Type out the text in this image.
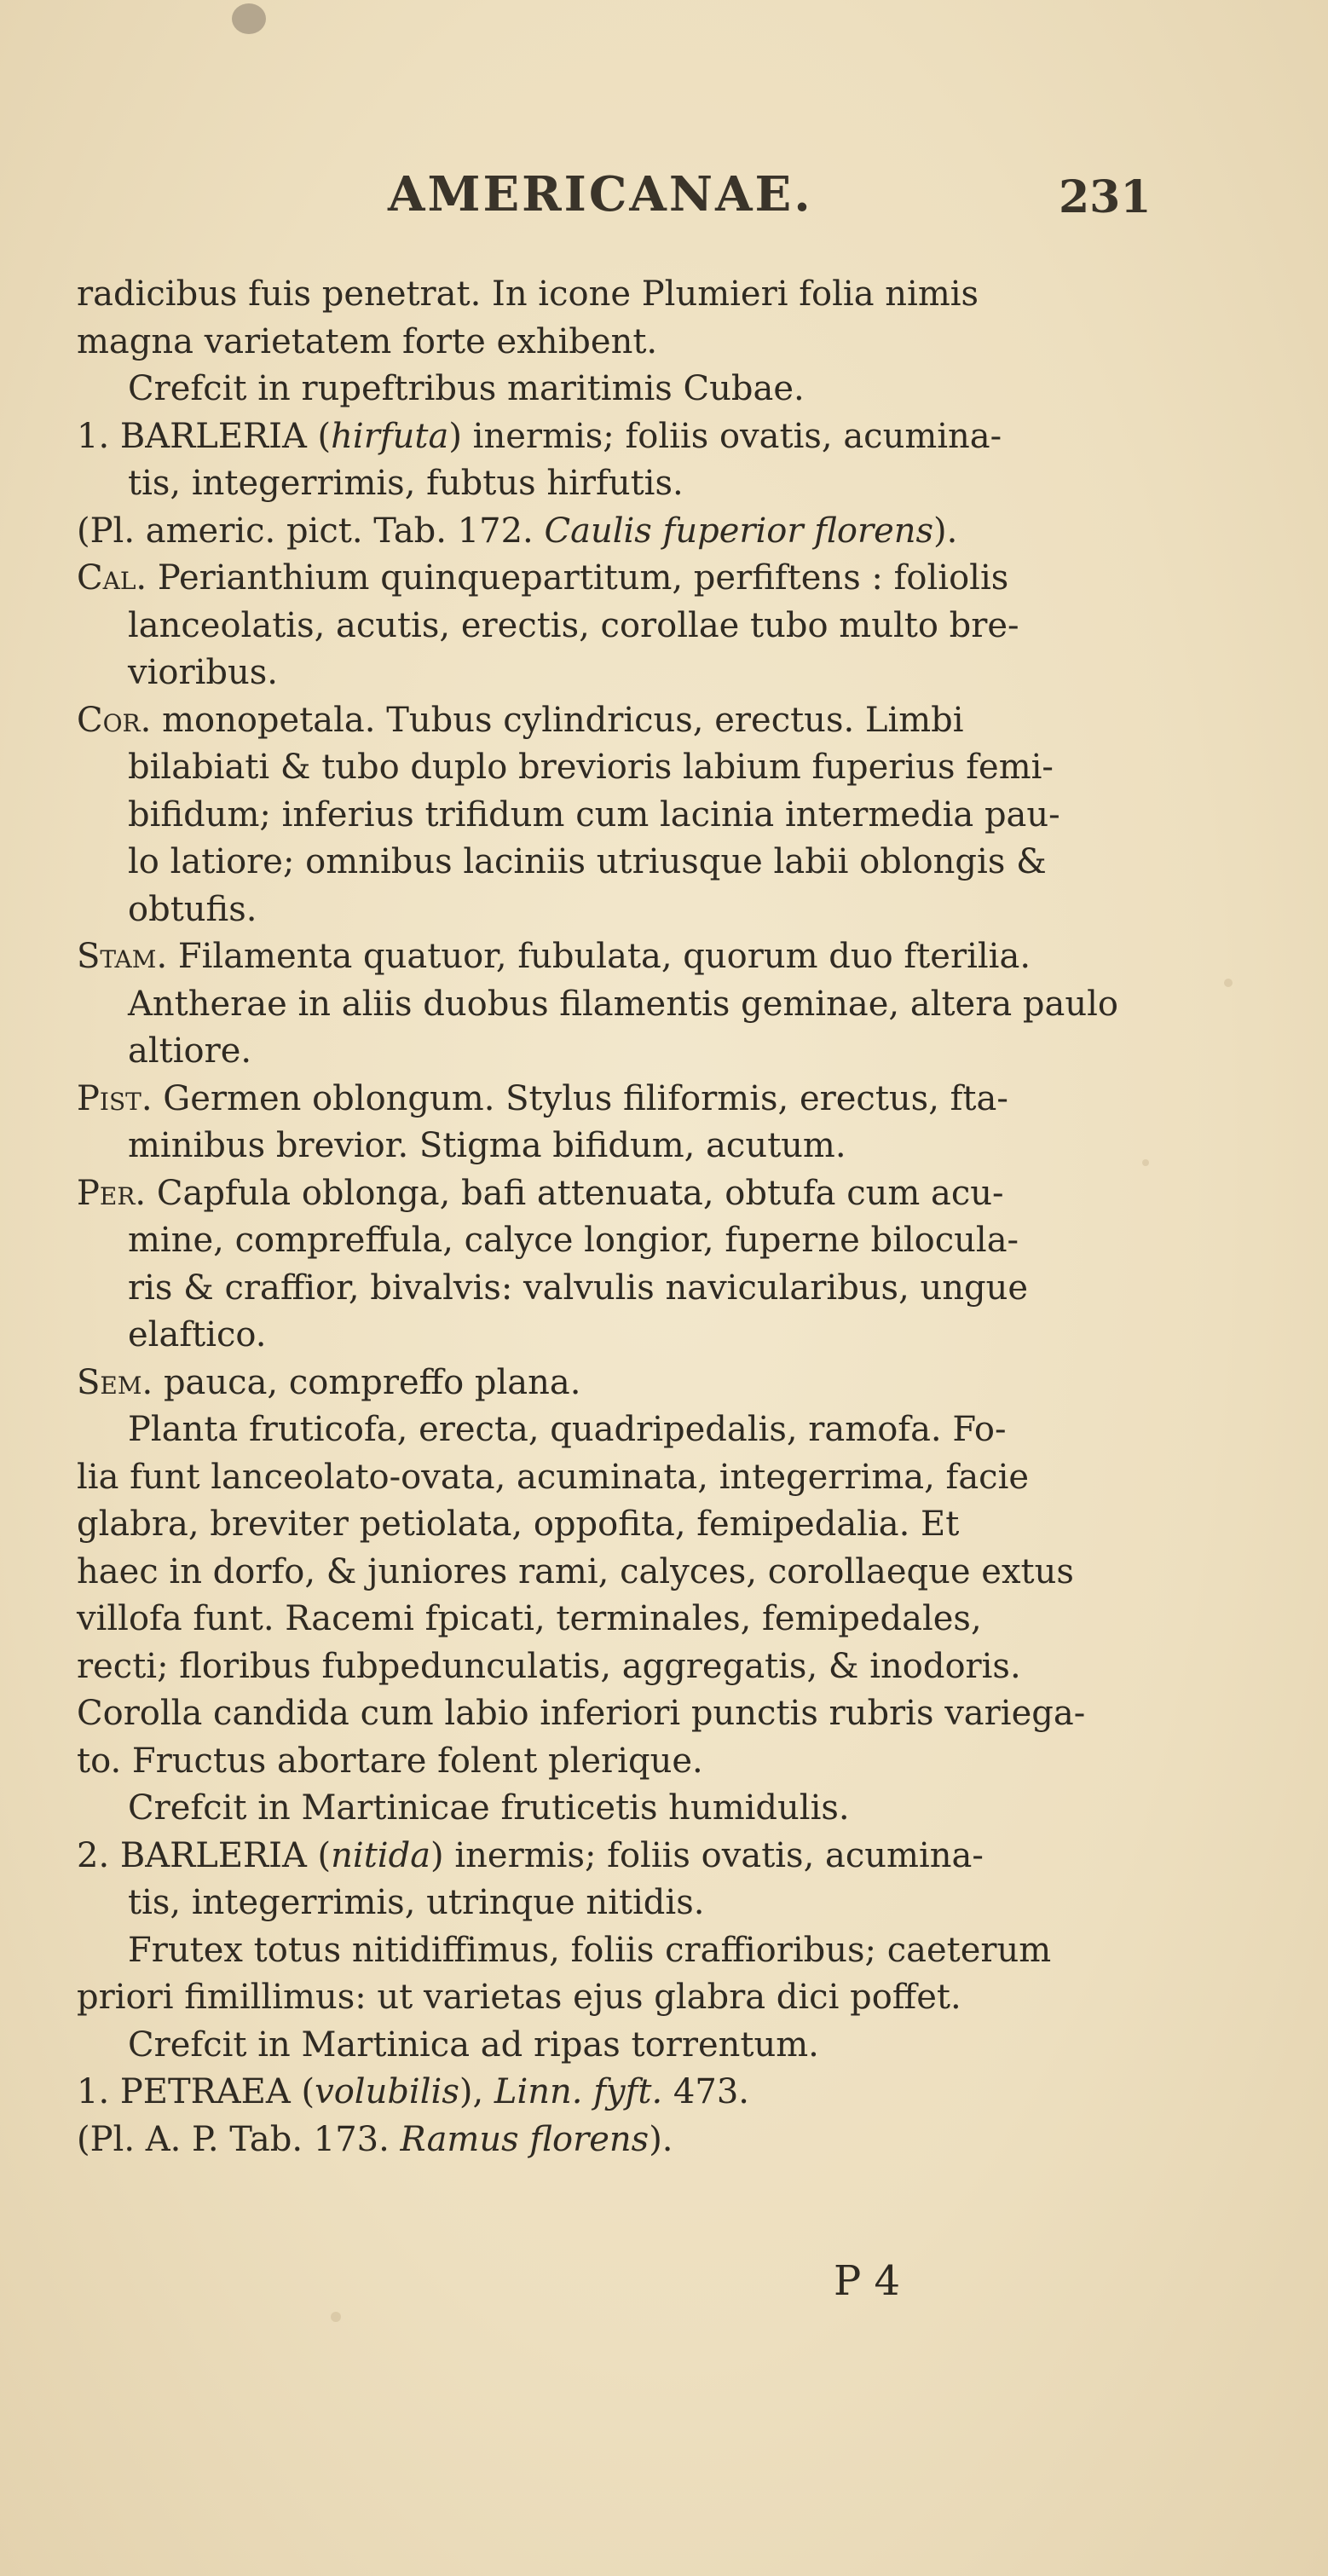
AMERICANAE.	231
radicibus fuis penetrat. In icone Plumieri folia nimis
magna varietatem forte exhibent.
Crefcit in rupeftribus maritimis Cubae.
1. BARLERIA (hirfuta) inermis; foliis ovatis, acumina-
tis, integerrimis, fubtus hirfutis.
(Pl. americ. pict. Tab. 172. Caulis fuperior florens).
Cal. Perianthium quinquepartitum, perfiftens : foliolis
lanceolatis, acutis, erectis, corollae tubo multo bre-
vioribus.
Cor. monopetala. Tubus cylindricus, erectus. Limbi
bilabiati & tubo duplo brevioris labium fuperius femi-
bifidum; inferius trifidum cum lacinia intermedia pau-
lo latiore; omnibus laciniis utriusque labii oblongis &
obtufis.
Stam. Filamenta quatuor, fubulata, quorum duo fterilia.
Antherae in aliis duobus filamentis geminae, altera paulo
altiore.
Pist. Germen oblongum. Stylus filiformis, erectus, fta-
minibus brevior. Stigma bifidum, acutum.
Per. Capfula oblonga, bafi attenuata, obtufa cum acu-
mine, compreffula, calyce longior, fuperne bilocula-
ris & craffior, bivalvis: valvulis navicularibus, ungue
elaftico.
Sem. pauca, compreffo plana.
Planta fruticofa, erecta, quadripedalis, ramofa. Fo-
lia funt lanceolato-ovata, acuminata, integerrima, facie
glabra, breviter petiolata, oppofita, femipedalia. Et
haec in dorfo, & juniores rami, calyces, corollaeque extus
villofa funt. Racemi fpicati, terminales, femipedales,
recti; floribus fubpedunculatis, aggregatis, & inodoris.
Corolla candida cum labio inferiori punctis rubris variega-
to. Fructus abortare folent plerique.
Crefcit in Martinicae fruticetis humidulis.
2. BARLERIA (nitida) inermis; foliis ovatis, acumina-
tis, integerrimis, utrinque nitidis.
Frutex totus nitidiffimus, foliis craffioribus; caeterum
priori fimillimus: ut varietas ejus glabra dici poffet.
Crefcit in Martinica ad ripas torrentum.
1. PETRAEA (volubilis), Linn. fyft. 473.
(Pl. A. P. Tab. 173. Ramus florens).
P 4
